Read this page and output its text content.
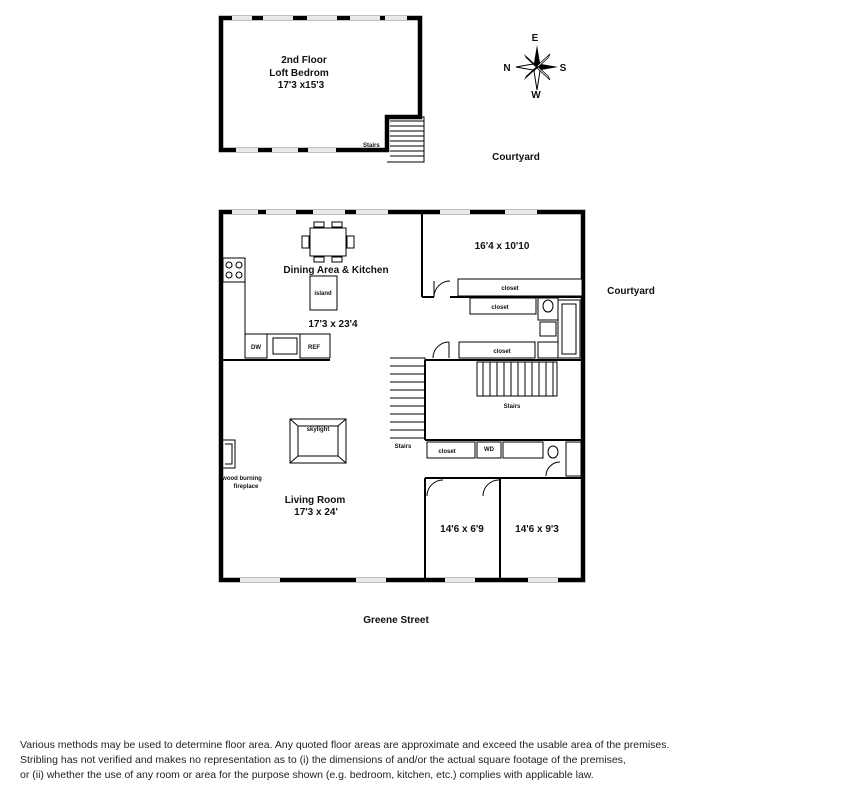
2nd Floor
Loft Bedrom
17'3 x15'3
Stairs
E
N	S
W
Courtyard
Courtyard
16'4 x 10'10
closet
closet
closet
Stairs
Stairs
closet	WD
Dining Area & Kitchen
island
17'3 x 23'4
DW	REF
skylight
wood burning
fireplace
Living Room
17'3 x 24'
14'6 x 6'9	14'6 x 9'3
Greene Street
Various methods may be used to determine floor area. Any quoted floor areas are approximate and exceed the usable area of the premises.
Stribling has not verified and makes no representation as to (i) the dimensions of and/or the actual square footage of the premises,
or (ii) whether the use of any room or area for the purpose shown (e.g. bedroom, kitchen, etc.) complies with applicable law.
